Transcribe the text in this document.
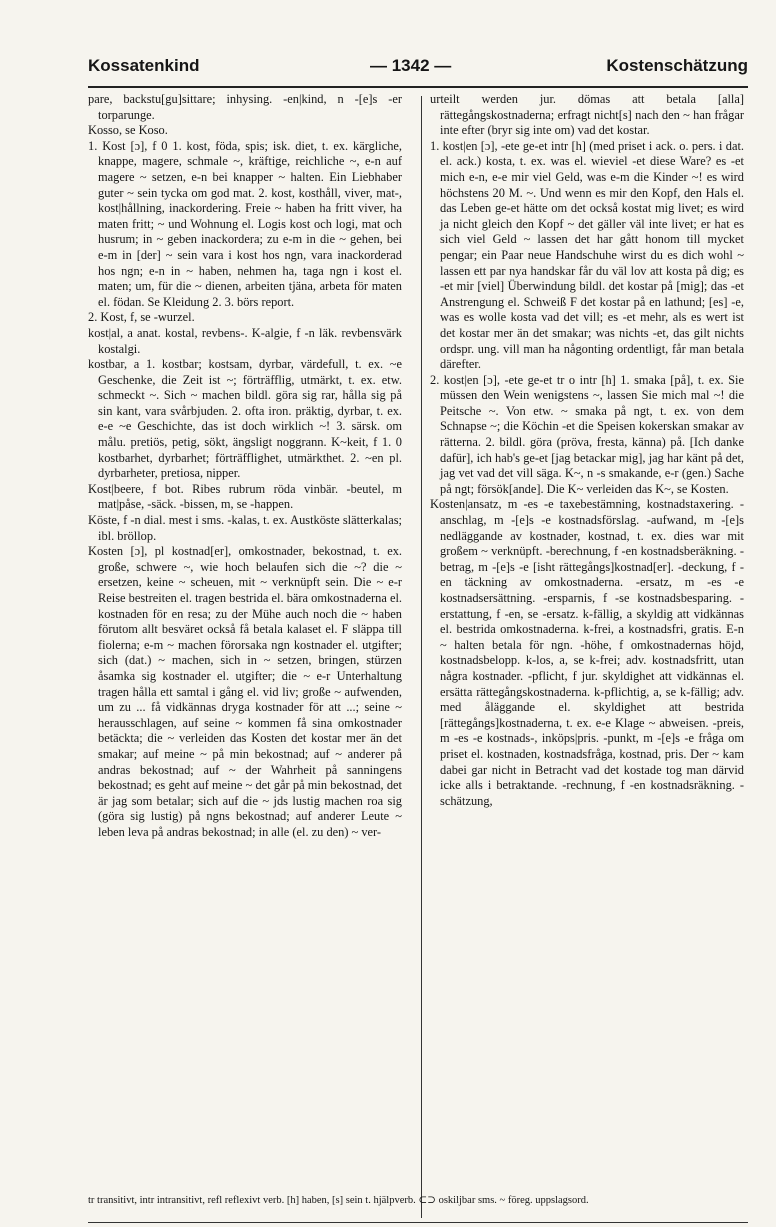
Kossatenkind	— 1342 —	Kostenschätzung

pare, backstu[gu]sittare; inhysing. -en|kind, n -[e]s -er torparunge.

Kosso, se Koso.

1. Kost [ɔ], f 0 1. kost, föda, spis; isk. diet, t. ex. kärgliche, knappe, magere, schmale ~, kräftige, reichliche ~, e-n auf magere ~ setzen, e-n bei knapper ~ halten. Ein Liebhaber guter ~ sein tycka om god mat. 2. kost, kosthåll, viver, mat-, kost|hållning, inackordering. Freie ~ haben ha fritt viver, ha maten fritt; ~ und Wohnung el. Logis kost och logi, mat och husrum; in ~ geben inackordera; zu e-m in die ~ gehen, bei e-m in [der] ~ sein vara i kost hos ngn, vara inackorderad hos ngn; e-n in ~ haben, nehmen ha, taga ngn i kost el. maten; um, für die ~ dienen, arbeiten tjäna, arbeta för maten el. födan. Se Kleidung 2. 3. börs report.

2. Kost, f, se -wurzel.

kost|al, a anat. kostal, revbens-. K-algie, f -n läk. revbensvärk kostalgi.

kostbar, a 1. kostbar; kostsam, dyrbar, värdefull, t. ex. ~e Geschenke, die Zeit ist ~; förträfflig, utmärkt, t. ex. etw. schmeckt ~. Sich ~ machen bildl. göra sig rar, hålla sig på sin kant, vara svårbjuden. 2. ofta iron. präktig, dyrbar, t. ex. e-e ~e Geschichte, das ist doch wirklich ~! 3. särsk. om målu. pretiös, petig, sökt, ängsligt noggrann. K~keit, f 1. 0 kostbarhet, dyrbarhet; förträfflighet, utmärkthet. 2. ~en pl. dyrbarheter, pretiosa, nipper.

Kost|beere, f bot. Ribes rubrum röda vinbär. -beutel, m mat|påse, -säck. -bissen, m, se -happen.

Köste, f -n dial. mest i sms. -kalas, t. ex. Austköste slätterkalas; ibl. bröllop.

Kosten [ɔ], pl kostnad[er], omkostnader, bekostnad, t. ex. große, schwere ~, wie hoch belaufen sich die ~? die ~ ersetzen, keine ~ scheuen, mit ~ verknüpft sein. Die ~ e-r Reise bestreiten el. tragen bestrida el. bära omkostnaderna el. kostnaden för en resa; zu der Mühe auch noch die ~ haben förutom allt besväret också få betala kalaset el. F släppa till fiolerna; e-m ~ machen förorsaka ngn kostnader el. utgifter; sich (dat.) ~ machen, sich in ~ setzen, bringen, stürzen åsamka sig kostnader el. utgifter; die ~ e-r Unterhaltung tragen hålla ett samtal i gång el. vid liv; große ~ aufwenden, um zu ... få vidkännas dryga kostnader för att ...; seine ~ herausschlagen, auf seine ~ kommen få sina omkostnader betäckta; die ~ verleiden das Kosten det kostar mer än det smakar; auf meine ~ på min bekostnad; auf ~ anderer på andras bekostnad; auf ~ der Wahrheit på sanningens bekostnad; es geht auf meine ~ det går på min bekostnad, det är jag som betalar; sich auf die ~ jds lustig machen roa sig (göra sig lustig) på ngns bekostnad; auf anderer Leute ~ leben leva på andras bekostnad; in alle (el. zu den) ~ ver-

urteilt werden jur. dömas att betala [alla] rättegångskostnaderna; erfragt nicht[s] nach den ~ han frågar inte efter (bryr sig inte om) vad det kostar.

1. kost|en [ɔ], -ete ge-et intr [h] (med priset i ack. o. pers. i dat. el. ack.) kosta, t. ex. was el. wieviel -et diese Ware? es -et mich e-n, e-e mir viel Geld, was e-m die Kinder ~! es wird höchstens 20 M. ~. Und wenn es mir den Kopf, den Hals el. das Leben ge-et hätte om det också kostat mig livet; es wird ja nicht gleich den Kopf ~ det gäller väl inte livet; er hat es sich viel Geld ~ lassen det har gått honom till mycket pengar; ein Paar neue Handschuhe wirst du es dich wohl ~ lassen ett par nya handskar får du väl lov att kosta på dig; es -et mir [viel] Überwindung bildl. det kostar på [mig]; das -et Anstrengung el. Schweiß F det kostar på en lathund; [es] -e, was es wolle kosta vad det vill; es -et mehr, als es wert ist det kostar mer än det smakar; was nichts -et, das gilt nichts ordspr. ung. vill man ha någonting ordentligt, får man betala därefter.

2. kost|en [ɔ], -ete ge-et tr o intr [h] 1. smaka [på], t. ex. Sie müssen den Wein wenigstens ~, lassen Sie mich mal ~! die Peitsche ~. Von etw. ~ smaka på ngt, t. ex. von dem Schnapse ~; die Köchin -et die Speisen kokerskan smakar av rätterna. 2. bildl. göra (pröva, fresta, känna) på. [Ich danke dafür], ich hab's ge-et [jag betackar mig], jag har känt på det, jag vet vad det vill säga. K~, n -s smakande, e-r (gen.) Sache på ngt; försök[ande]. Die K~ verleiden das K~, se Kosten.

Kosten|ansatz, m -es -e taxebestämning, kostnadstaxering. -anschlag, m -[e]s -e kostnadsförslag. -aufwand, m -[e]s nedläggande av kostnader, kostnad, t. ex. dies war mit großem ~ verknüpft. -berechnung, f -en kostnadsberäkning. -betrag, m -[e]s -e [isht rättegångs]kostnad[er]. -deckung, f -en täckning av omkostnaderna. -ersatz, m -es -e kostnadsersättning. -ersparnis, f -se kostnadsbesparing. -erstattung, f -en, se -ersatz. k-fällig, a skyldig att vidkännas el. bestrida omkostnaderna. k-frei, a kostnadsfri, gratis. E-n ~ halten betala för ngn. -höhe, f omkostnadernas höjd, kostnadsbelopp. k-los, a, se k-frei; adv. kostnadsfritt, utan några kostnader. -pflicht, f jur. skyldighet att vidkännas el. ersätta rättegångskostnaderna. k-pflichtig, a, se k-fällig; adv. med åläggande el. skyldighet att bestrida [rättegångs]kostnaderna, t. ex. e-e Klage ~ abweisen. -preis, m -es -e kostnads-, inköps|pris. -punkt, m -[e]s -e fråga om priset el. kostnaden, kostnadsfråga, kostnad, pris. Der ~ kam dabei gar nicht in Betracht vad det kostade tog man därvid icke alls i betraktande. -rechnung, f -en kostnadsräkning. -schätzung,

tr transitivt, intr intransitivt, refl reflexivt verb. [h] haben, [s] sein t. hjälpverb. ⊂⊃ oskiljbar sms. ~ föreg. uppslagsord.
